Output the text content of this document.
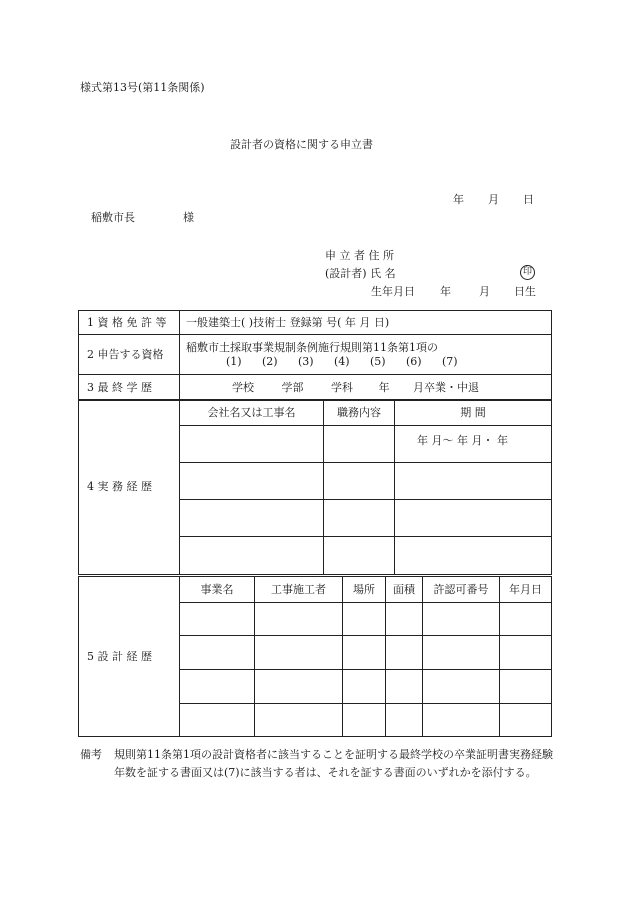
様式第13号(第11条関係)
設計者の資格に関する申立書
年 月 日
稲敷市長	様
申 立 者 住 所
(設計者) 氏 名	印
生年月日 年	月 日生
1 資 格 免 許 等	一般建築士( )技術士 登録第 号( 年 月 日)
2 申告する資格	稲敷市土採取事業規制条例施行規則第11条第1項の
(1) (2) (3) (4) (5) (6) (7)

3 最 終 学 歴	学校 学部 学科 年 月卒業・中退
4 実 務 経 歴	会社名又は工事名	職務内容	期 間
			年 月〜 年 月・ 年

5 設 計 経 歴	事業名	工事施工者	場所	面積	許認可番号	年月日

備考 規則第11条第1項の設計資格者に該当することを証明する最終学校の卒業証明書実務経験年数を証する書面又は(7)に該当する者は、それを証する書面のいずれかを添付する。
